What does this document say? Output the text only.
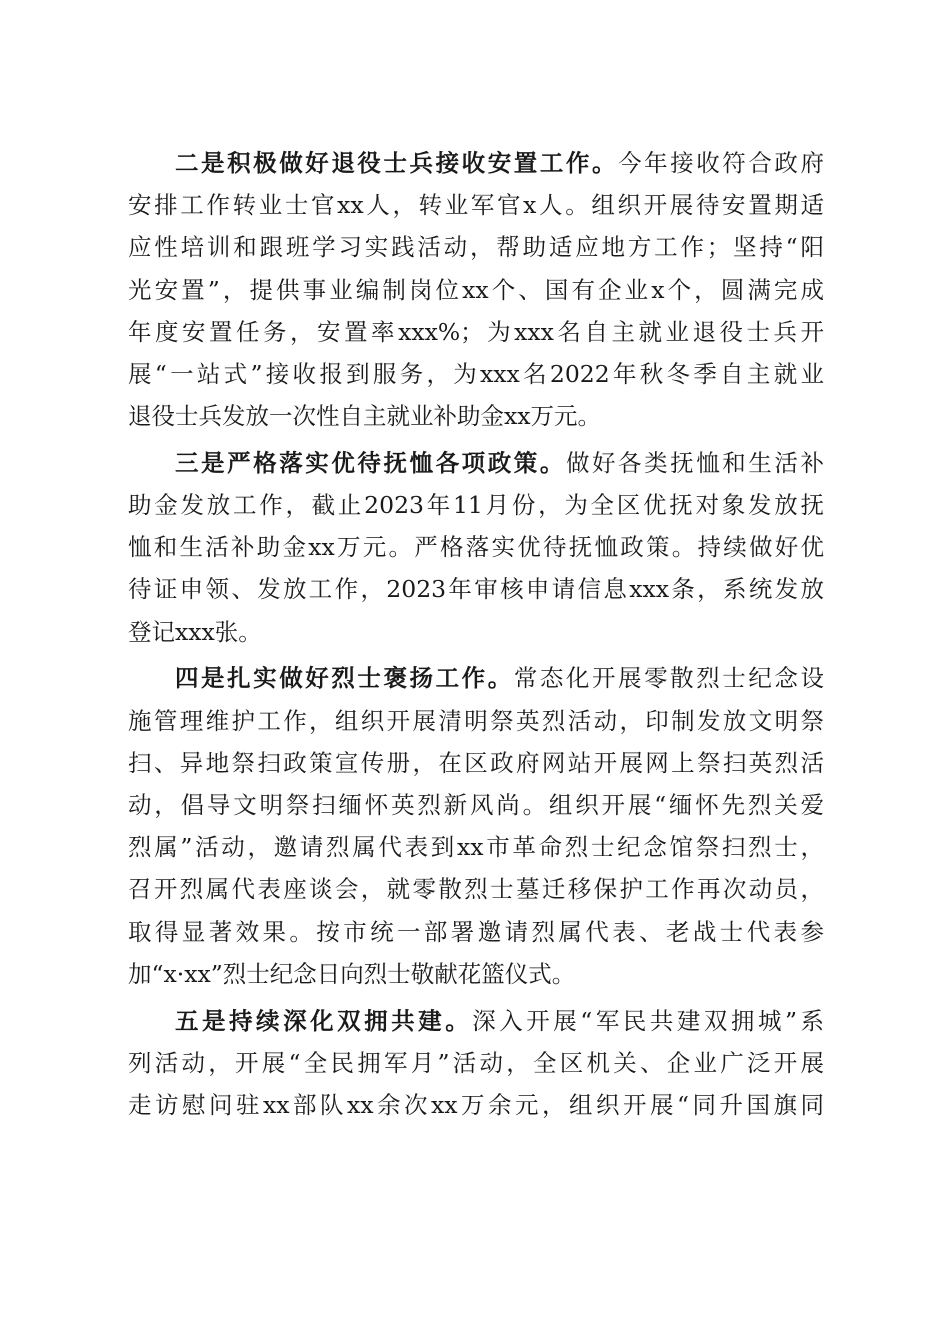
二是积极做好退役士兵接收安置工作。今年接收符合政府
安排工作转业士官xx人，转业军官x人。组织开展待安置期适
应性培训和跟班学习实践活动，帮助适应地方工作；坚持“阳
光安置”，提供事业编制岗位xx个、国有企业x个，圆满完成
年度安置任务，安置率xxx%；为xxx名自主就业退役士兵开
展“一站式”接收报到服务，为xxx名2022年秋冬季自主就业
退役士兵发放一次性自主就业补助金xx万元。
三是严格落实优待抚恤各项政策。做好各类抚恤和生活补
助金发放工作，截止2023年11月份，为全区优抚对象发放抚
恤和生活补助金xx万元。严格落实优待抚恤政策。持续做好优
待证申领、发放工作，2023年审核申请信息xxx条，系统发放
登记xxx张。
四是扎实做好烈士褒扬工作。常态化开展零散烈士纪念设
施管理维护工作，组织开展清明祭英烈活动，印制发放文明祭
扫、异地祭扫政策宣传册，在区政府网站开展网上祭扫英烈活
动，倡导文明祭扫缅怀英烈新风尚。组织开展“缅怀先烈关爱
烈属”活动，邀请烈属代表到xx市革命烈士纪念馆祭扫烈士，
召开烈属代表座谈会，就零散烈士墓迁移保护工作再次动员，
取得显著效果。按市统一部署邀请烈属代表、老战士代表参
加“x·xx”烈士纪念日向烈士敬献花篮仪式。
五是持续深化双拥共建。深入开展“军民共建双拥城”系
列活动，开展“全民拥军月”活动，全区机关、企业广泛开展
走访慰问驻xx部队xx余次xx万余元，组织开展“同升国旗同
